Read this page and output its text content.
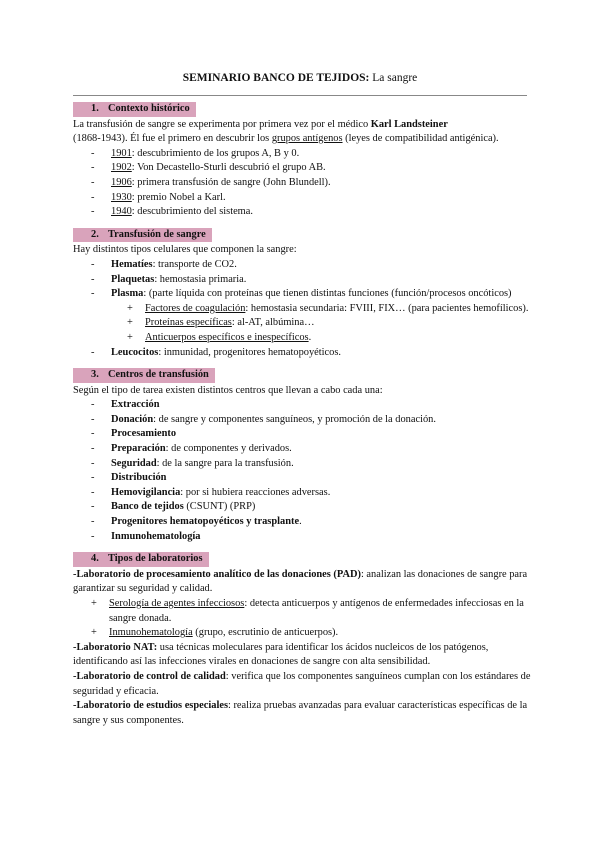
SEMINARIO BANCO DE TEJIDOS: La sangre
1. Contexto histórico

La transfusión de sangre se experimenta por primera vez por el médico Karl Landsteiner
(1868-1943). Él fue el primero en descubrir los grupos antígenos (leyes de compatibilidad antigénica).

- 1901: descubrimiento de los grupos A, B y 0.
- 1902: Von Decastello-Sturli descubrió el grupo AB.
- 1906: primera transfusión de sangre (John Blundell).
- 1930: premio Nobel a Karl.
- 1940: descubrimiento del sistema.
2. Transfusión de sangre

Hay distintos tipos celulares que componen la sangre:

- Hematíes: transporte de CO2.
- Plaquetas: hemostasia primaria.
- Plasma: (parte líquida con proteínas que tienen distintas funciones (función/procesos oncóticos)
+ Factores de coagulación: hemostasia secundaria: FVIII, FIX… (para pacientes hemofílicos).
+ Proteínas específicas: al-AT, albúmina…
+ Anticuerpos específicos e inespecíficos.
- Leucocitos: inmunidad, progenitores hematopoyéticos.
3. Centros de transfusión

Según el tipo de tarea existen distintos centros que llevan a cabo cada una:

- Extracción
- Donación: de sangre y componentes sanguíneos, y promoción de la donación.
- Procesamiento
- Preparación: de componentes y derivados.
- Seguridad: de la sangre para la transfusión.
- Distribución
- Hemovigilancia: por si hubiera reacciones adversas.
- Banco de tejidos (CSUNT) (PRP)
- Progenitores hematopoyéticos y trasplante.
- Inmunohematología
4. Tipos de laboratorios

-Laboratorio de procesamiento analítico de las donaciones (PAD): analizan las donaciones de sangre para garantizar su seguridad y calidad.

+ Serología de agentes infecciosos: detecta anticuerpos y antígenos de enfermedades infecciosas en la sangre donada.
+ Inmunohematología (grupo, escrutinio de anticuerpos).

-Laboratorio NAT: usa técnicas moleculares para identificar los ácidos nucleicos de los patógenos, identificando así las infecciones virales en donaciones de sangre con alta sensibilidad.

-Laboratorio de control de calidad: verifica que los componentes sanguíneos cumplan con los estándares de seguridad y eficacia.

-Laboratorio de estudios especiales: realiza pruebas avanzadas para evaluar características específicas de la sangre y sus componentes.
